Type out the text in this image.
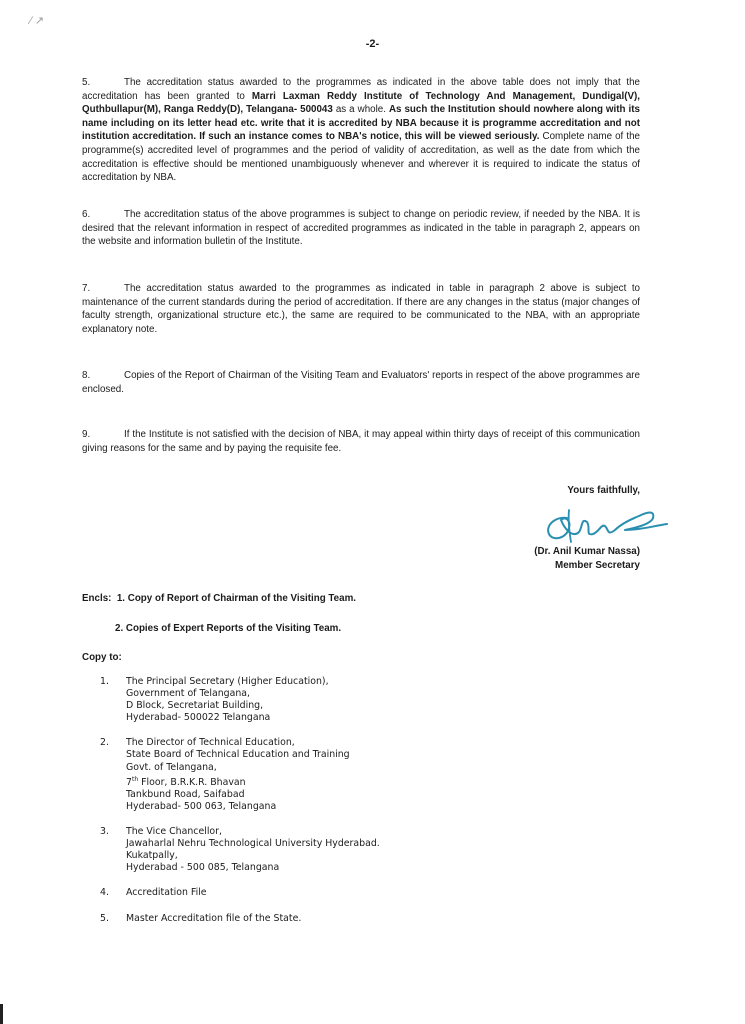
∕ ↗
-2-
5.	The accreditation status awarded to the programmes as indicated in the above table does not imply that the accreditation has been granted to Marri Laxman Reddy Institute of Technology And Management, Dundigal(V), Quthbullapur(M), Ranga Reddy(D), Telangana- 500043 as a whole. As such the Institution should nowhere along with its name including on its letter head etc. write that it is accredited by NBA because it is programme accreditation and not institution accreditation. If such an instance comes to NBA's notice, this will be viewed seriously. Complete name of the programme(s) accredited level of programmes and the period of validity of accreditation, as well as the date from which the accreditation is effective should be mentioned unambiguously whenever and wherever it is required to indicate the status of accreditation by NBA.
6.	The accreditation status of the above programmes is subject to change on periodic review, if needed by the NBA. It is desired that the relevant information in respect of accredited programmes as indicated in the table in paragraph 2, appears on the website and information bulletin of the Institute.
7.	The accreditation status awarded to the programmes as indicated in table in paragraph 2 above is subject to maintenance of the current standards during the period of accreditation. If there are any changes in the status (major changes of faculty strength, organizational structure etc.), the same are required to be communicated to the NBA, with an appropriate explanatory note.
8.	Copies of the Report of Chairman of the Visiting Team and Evaluators' reports in respect of the above programmes are enclosed.
9.	If the Institute is not satisfied with the decision of NBA, it may appeal within thirty days of receipt of this communication giving reasons for the same and by paying the requisite fee.
Yours faithfully,
(Dr. Anil Kumar Nassa)
Member Secretary
Encls: 1. Copy of Report of Chairman of the Visiting Team.
2. Copies of Expert Reports of the Visiting Team.
Copy to:
1.	The Principal Secretary (Higher Education),
Government of Telangana,
D Block, Secretariat Building,
Hyderabad- 500022 Telangana
2.	The Director of Technical Education,
State Board of Technical Education and Training
Govt. of Telangana,
7th Floor, B.R.K.R. Bhavan
Tankbund Road, Saifabad
Hyderabad- 500 063, Telangana
3.	The Vice Chancellor,
Jawaharlal Nehru Technological University Hyderabad.
Kukatpally,
Hyderabad - 500 085, Telangana
4.	Accreditation File
5.	Master Accreditation file of the State.
